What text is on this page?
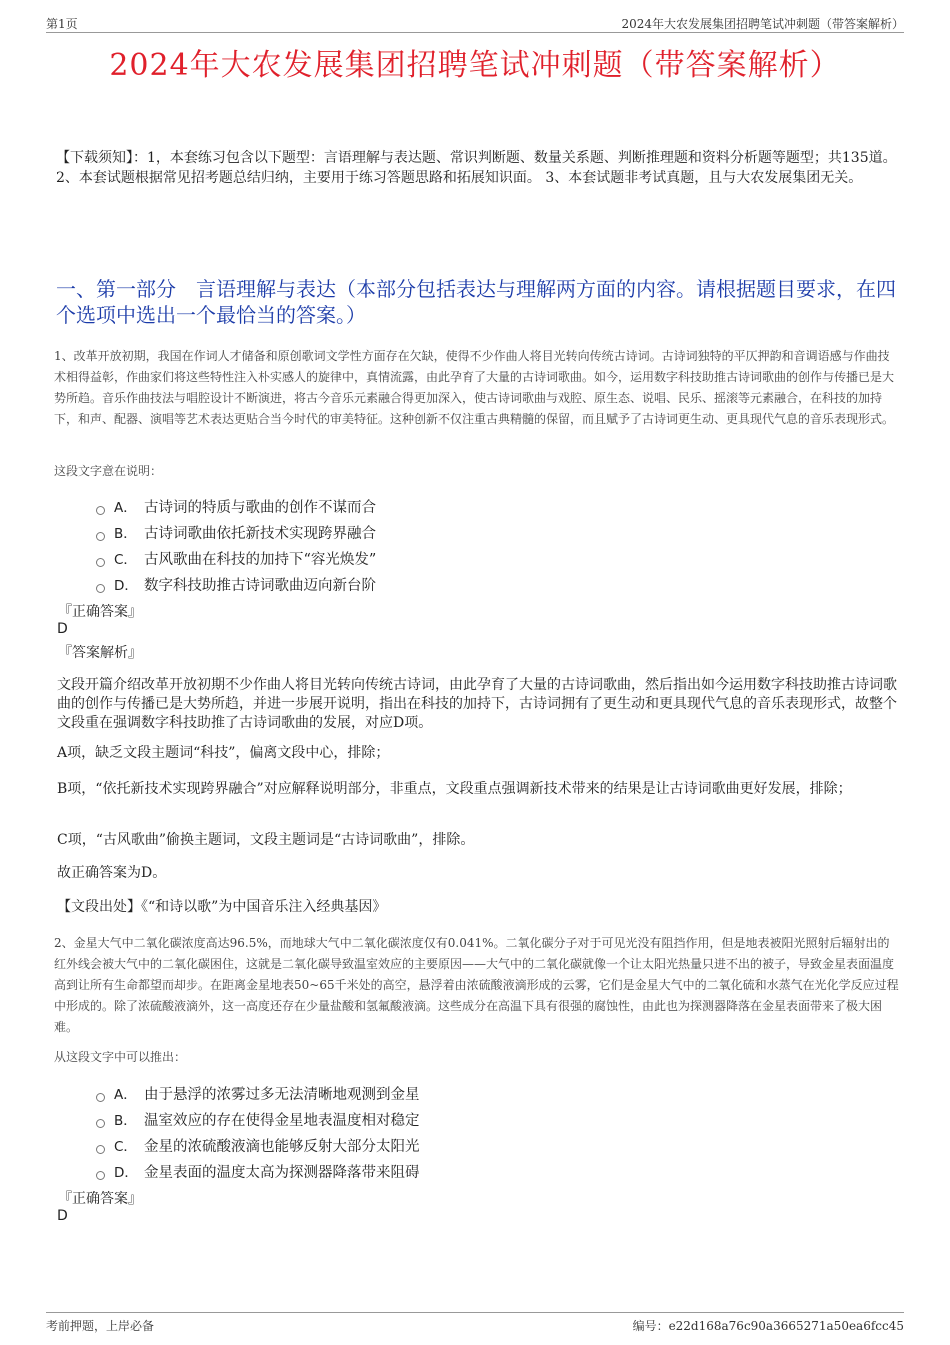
第1页	2024年大农发展集团招聘笔试冲刺题（带答案解析）
2024年大农发展集团招聘笔试冲刺题（带答案解析）
【下载须知】：1，本套练习包含以下题型：言语理解与表达题、常识判断题、数量关系题、判断推理题和资料分析题等题型；共135道。 2、本套试题根据常见招考题总结归纳，主要用于练习答题思路和拓展知识面。 3、本套试题非考试真题，且与大农发展集团无关。
一、第一部分　言语理解与表达（本部分包括表达与理解两方面的内容。请根据题目要求，在四个选项中选出一个最恰当的答案。）
1、改革开放初期，我国在作词人才储备和原创歌词文学性方面存在欠缺，使得不少作曲人将目光转向传统古诗词。古诗词独特的平仄押韵和音调语感与作曲技术相得益彰，作曲家们将这些特性注入朴实感人的旋律中，真情流露，由此孕育了大量的古诗词歌曲。如今，运用数字科技助推古诗词歌曲的创作与传播已是大势所趋。音乐作曲技法与唱腔设计不断演进，将古今音乐元素融合得更加深入，使古诗词歌曲与戏腔、原生态、说唱、民乐、摇滚等元素融合，在科技的加持下，和声、配器、演唱等艺术表达更贴合当今时代的审美特征。这种创新不仅注重古典精髓的保留，而且赋予了古诗词更生动、更具现代气息的音乐表现形式。
这段文字意在说明：
A． 古诗词的特质与歌曲的创作不谋而合
B． 古诗词歌曲依托新技术实现跨界融合
C． 古风歌曲在科技的加持下“容光焕发”
D． 数字科技助推古诗词歌曲迈向新台阶
『正确答案』
D
『答案解析』
文段开篇介绍改革开放初期不少作曲人将目光转向传统古诗词，由此孕育了大量的古诗词歌曲，然后指出如今运用数字科技助推古诗词歌曲的创作与传播已是大势所趋，并进一步展开说明，指出在科技的加持下，古诗词拥有了更生动和更具现代气息的音乐表现形式，故整个文段重在强调数字科技助推了古诗词歌曲的发展，对应D项。
A项，缺乏文段主题词“科技”，偏离文段中心，排除；
B项，“依托新技术实现跨界融合”对应解释说明部分，非重点，文段重点强调新技术带来的结果是让古诗词歌曲更好发展，排除；
C项，“古风歌曲”偷换主题词，文段主题词是“古诗词歌曲”，排除。
故正确答案为D。
【文段出处】《“和诗以歌”为中国音乐注入经典基因》
2、金星大气中二氧化碳浓度高达96.5%，而地球大气中二氧化碳浓度仅有0.041%。二氧化碳分子对于可见光没有阻挡作用，但是地表被阳光照射后辐射出的红外线会被大气中的二氧化碳困住，这就是二氧化碳导致温室效应的主要原因——大气中的二氧化碳就像一个让太阳光热量只进不出的被子，导致金星表面温度高到让所有生命都望而却步。在距离金星地表50~65千米处的高空，悬浮着由浓硫酸液滴形成的云雾，它们是金星大气中的二氧化硫和水蒸气在光化学反应过程中形成的。除了浓硫酸液滴外，这一高度还存在少量盐酸和氢氟酸液滴。这些成分在高温下具有很强的腐蚀性，由此也为探测器降落在金星表面带来了极大困难。
从这段文字中可以推出：
A． 由于悬浮的浓雾过多无法清晰地观测到金星
B． 温室效应的存在使得金星地表温度相对稳定
C． 金星的浓硫酸液滴也能够反射大部分太阳光
D． 金星表面的温度太高为探测器降落带来阻碍
『正确答案』
D
考前押题，上岸必备	编号：e22d168a76c90a3665271a50ea6fcc45
